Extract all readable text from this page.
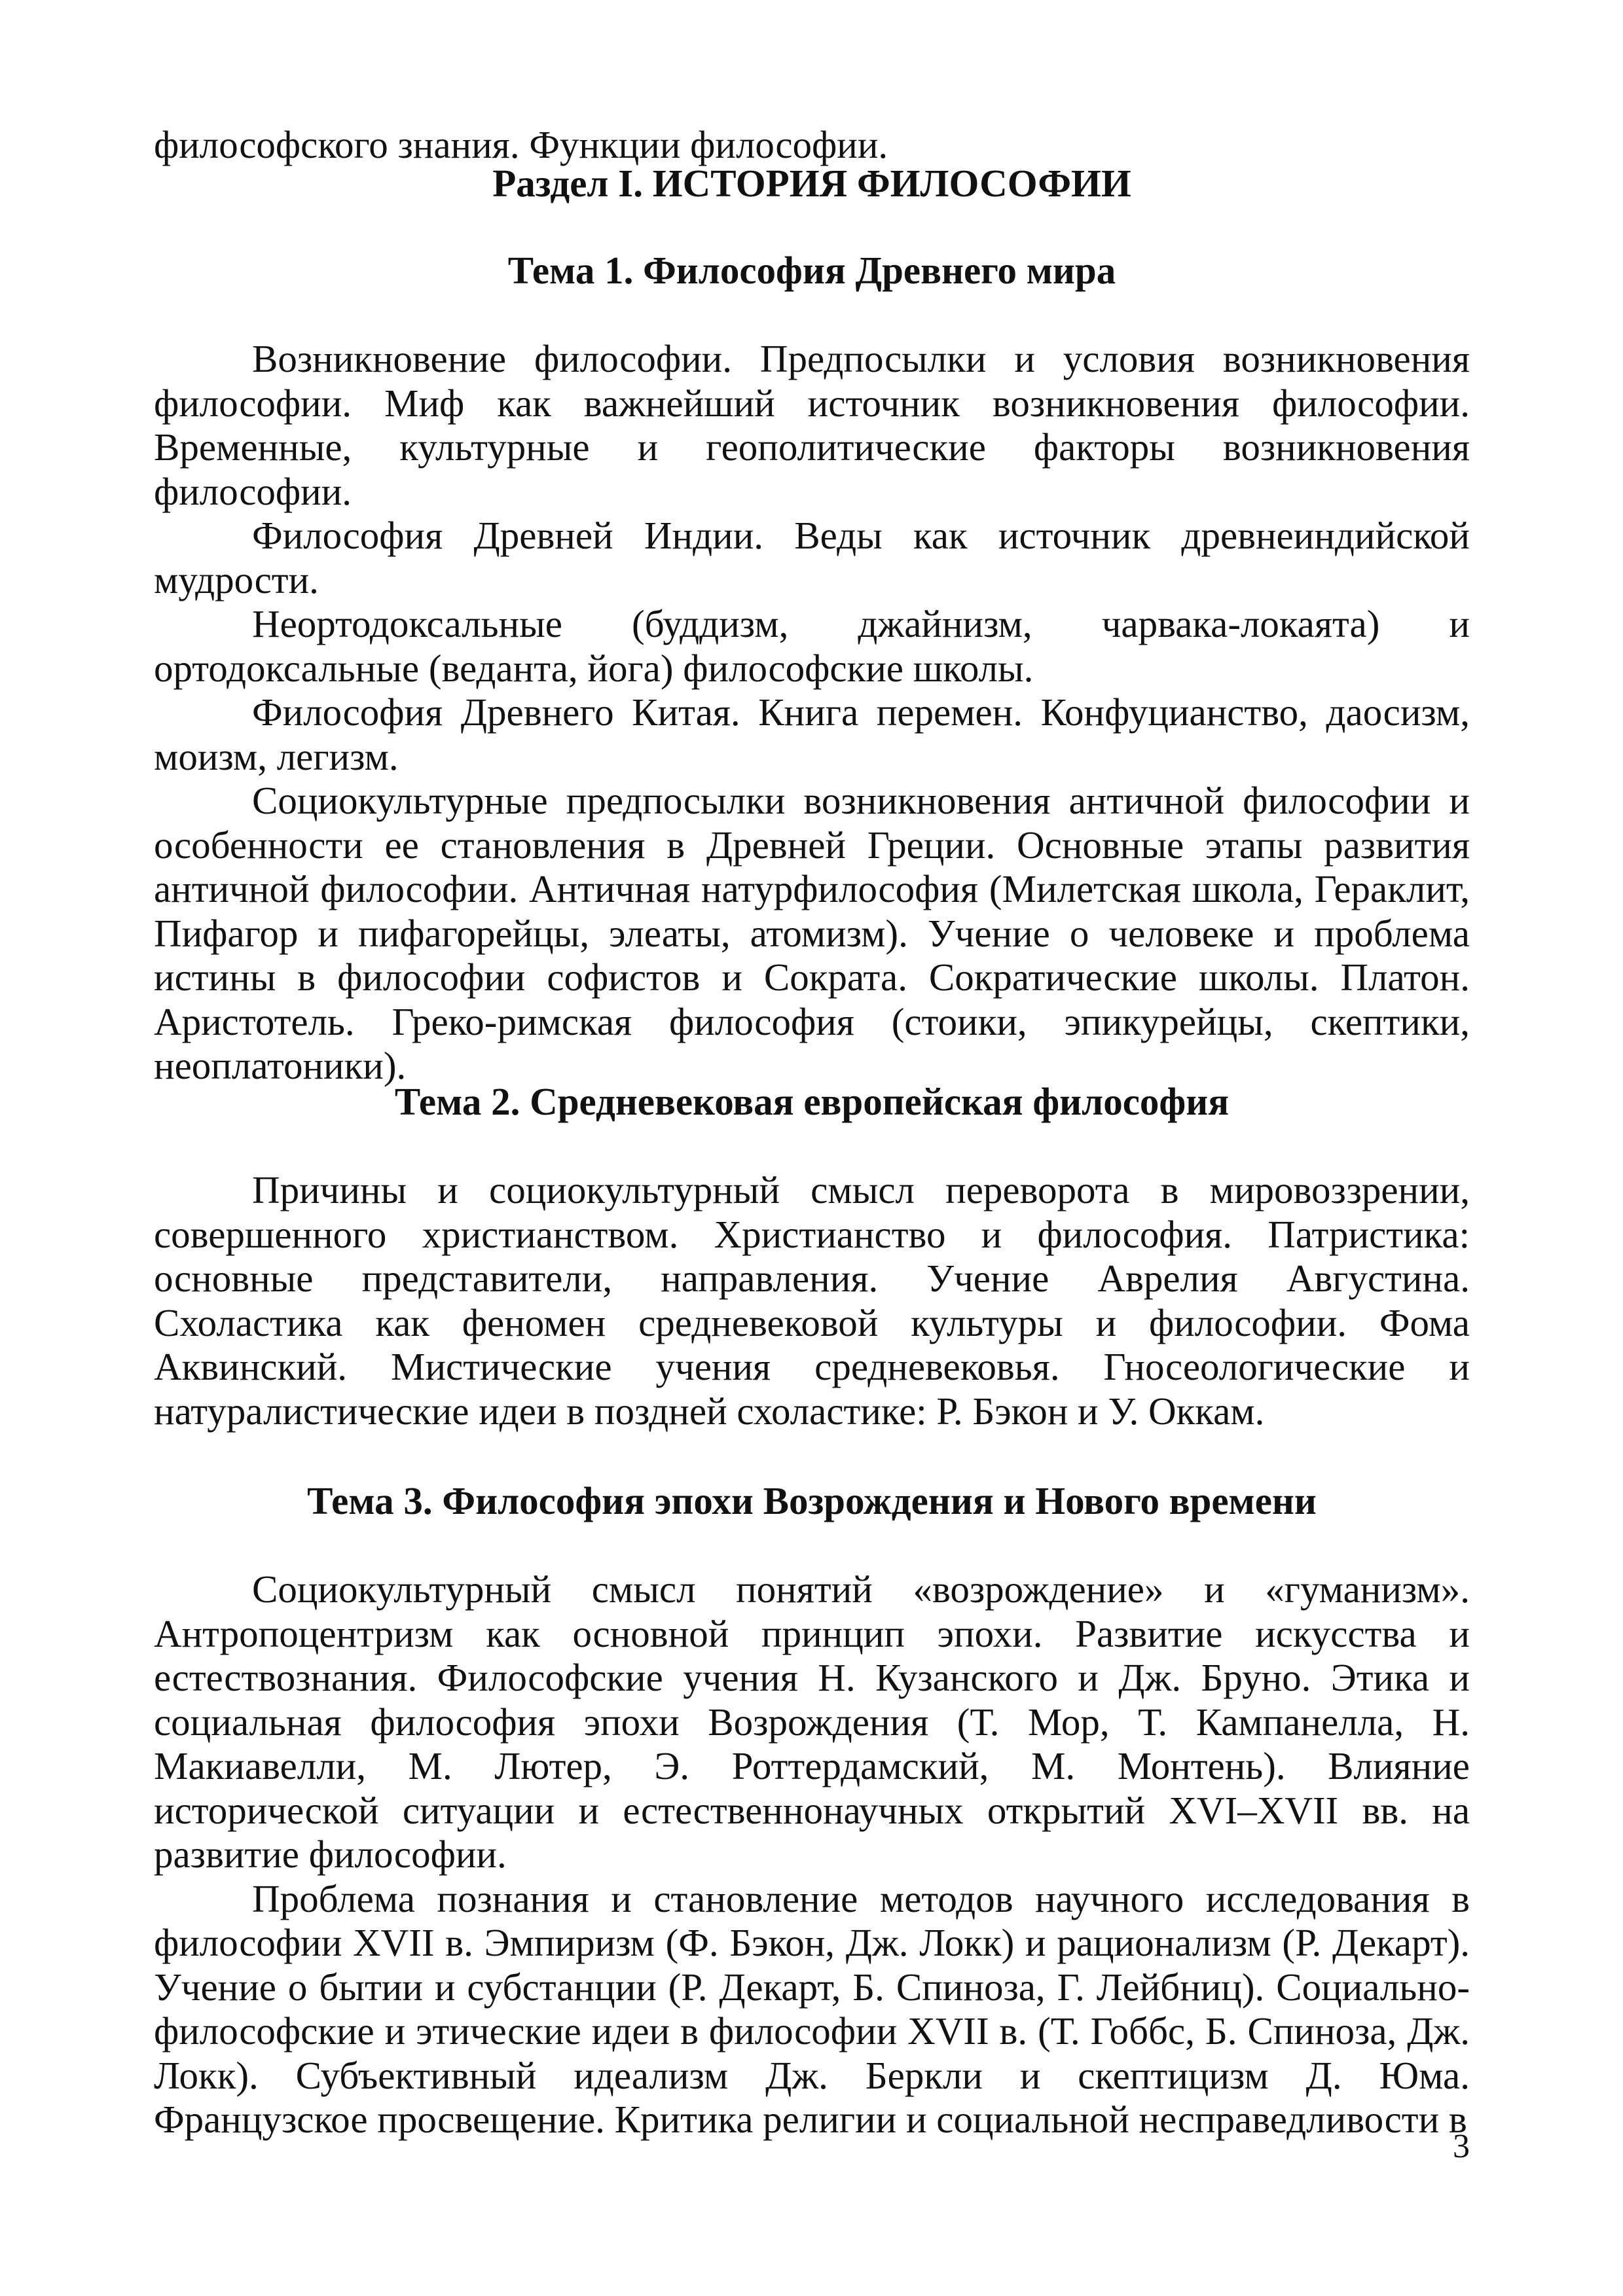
философского знания. Функции философии.

Раздел I. ИСТОРИЯ ФИЛОСОФИИ
Тема 1. Философия Древнего мира

Возникновение философии. Предпосылки и условия возникновения философии. Миф как важнейший источник возникновения философии. Временные, культурные и геополитические факторы возникновения философии.

Философия Древней Индии. Веды как источник древнеиндийской мудрости.

Неортодоксальные (буддизм, джайнизм, чарвака-локаята) и ортодоксальные (веданта, йога) философские школы.

Философия Древнего Китая. Книга перемен. Конфуцианство, даосизм, моизм, легизм.

Социокультурные предпосылки возникновения античной философии и особенности ее становления в Древней Греции. Основные этапы развития античной философии. Античная натурфилософия (Милетская школа, Гераклит, Пифагор и пифагорейцы, элеаты, атомизм). Учение о человеке и проблема истины в философии софистов и Сократа. Сократические школы. Платон. Аристотель. Греко-римская философия (стоики, эпикурейцы, скептики, неоплатоники).

Тема 2. Средневековая европейская философия

Причины и социокультурный смысл переворота в мировоззрении, совершенного христианством. Христианство и философия. Патристика: основные представители, направления. Учение Аврелия Августина. Схоластика как феномен средневековой культуры и философии. Фома Аквинский. Мистические учения средневековья. Гносеологические и натуралистические идеи в поздней схоластике: Р. Бэкон и У. Оккам.

Тема 3. Философия эпохи Возрождения и Нового времени

Социокультурный смысл понятий «возрождение» и «гуманизм». Антропоцентризм как основной принцип эпохи. Развитие искусства и естествознания. Философские учения Н. Кузанского и Дж. Бруно. Этика и социальная философия эпохи Возрождения (Т. Мор, Т. Кампанелла, Н. Макиавелли, М. Лютер, Э. Роттердамский, М. Монтень). Влияние исторической ситуации и естественнонаучных открытий XVI–XVII вв. на развитие философии.

Проблема познания и становление методов научного исследования в философии XVII в. Эмпиризм (Ф. Бэкон, Дж. Локк) и рационализм (Р. Декарт). Учение о бытии и субстанции (Р. Декарт, Б. Спиноза, Г. Лейбниц). Социально-философские и этические идеи в философии XVII в. (Т. Гоббс, Б. Спиноза, Дж. Локк). Субъективный идеализм Дж. Беркли и скептицизм Д. Юма. Французское просвещение. Критика религии и социальной несправедливости в

3
